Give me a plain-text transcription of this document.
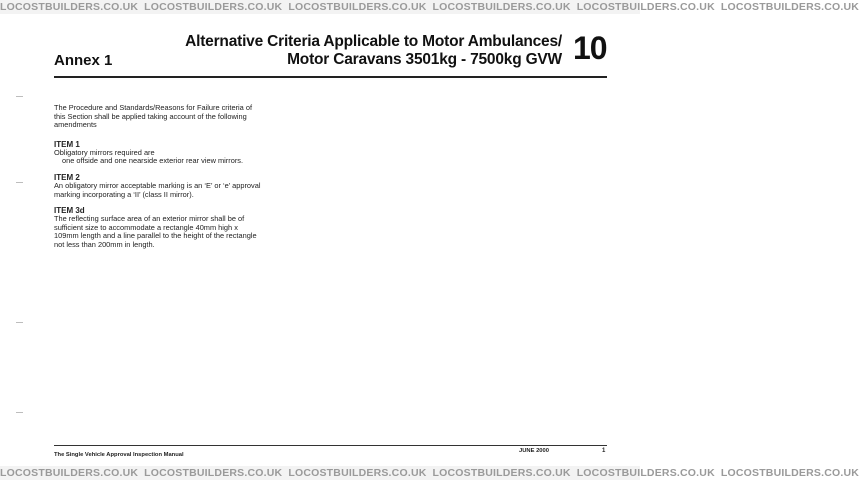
LOCOSTBUILDERS.CO.UK LOCOSTBUILDERS.CO.UK LOCOSTBUILDERS.CO.UK LOCOSTBUILDERS.CO.UK LOCOSTBUILDERS.CO.UK LOCOSTBUILDERS.CO.UK
Annex 1
Alternative Criteria Applicable to Motor Ambulances/
Motor Caravans 3501kg - 7500kg GVW 10

The Procedure and Standards/Reasons for Failure criteria of this Section shall be applied taking account of the following amendments

ITEM 1
Obligatory mirrors required are
one offside and one nearside exterior rear view mirrors.
ITEM 2
An obligatory mirror acceptable marking is an ‘E’ or ‘e’ approval marking incorporating a ‘II’ (class II mirror).
ITEM 3d
The reflecting surface area of an exterior mirror shall be of sufficient size to accommodate a rectangle 40mm high x 109mm length and a line parallel to the height of the rectangle not less than 200mm in length.
The Single Vehicle Approval Inspection Manual
JUNE 2000	1
LOCOSTBUILDERS.CO.UK LOCOSTBUILDERS.CO.UK LOCOSTBUILDERS.CO.UK LOCOSTBUILDERS.CO.UK LOCOSTBUILDERS.CO.UK LOCOSTBUILDERS.CO.UK
